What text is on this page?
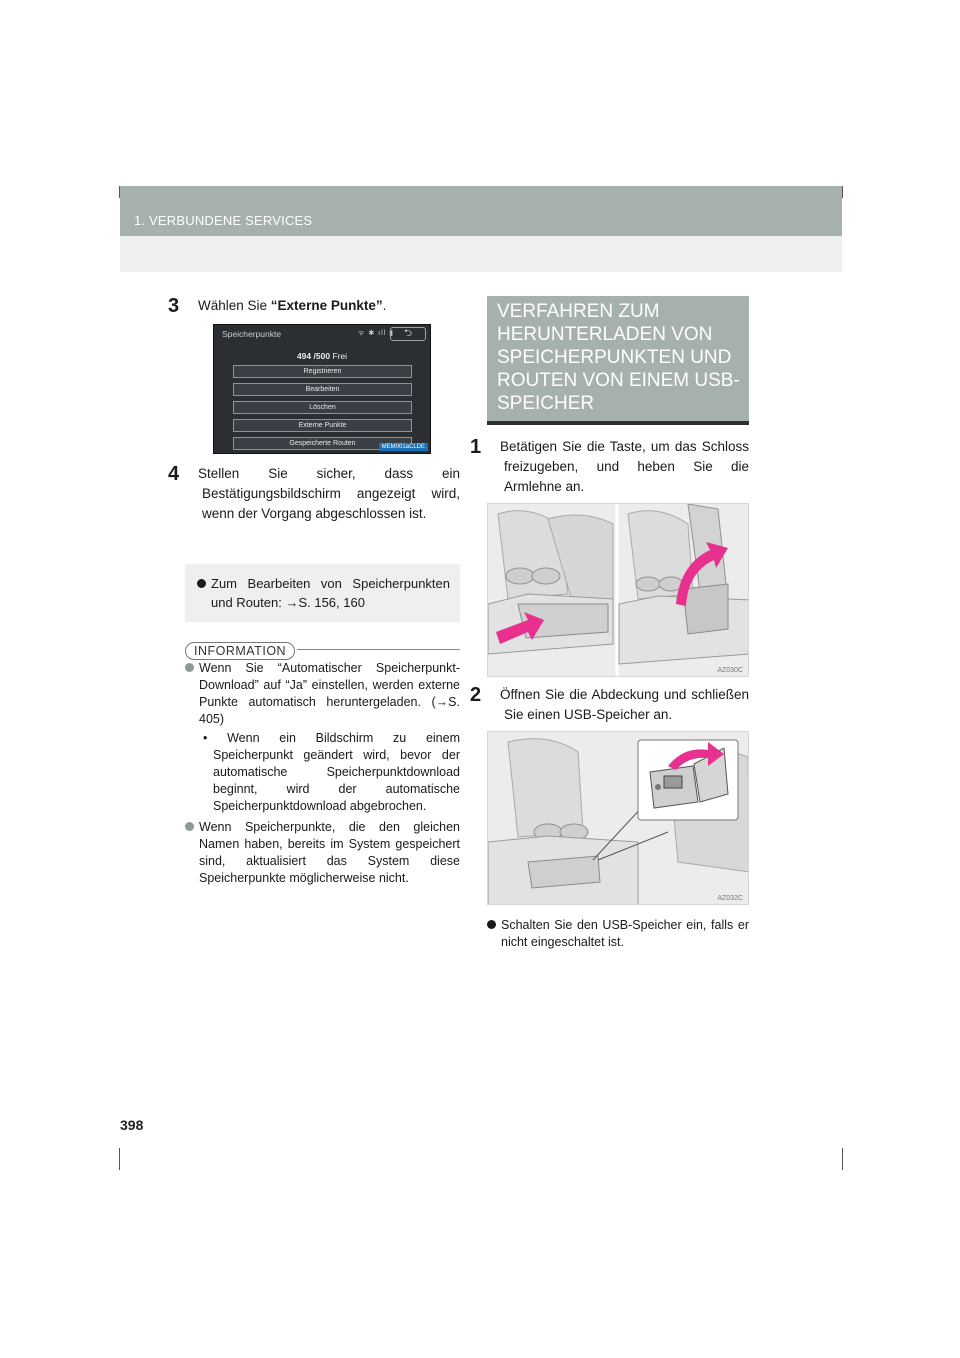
1. VERBUNDENE SERVICES
3 Wählen Sie “Externe Punkte”.
Speicherpunkte	ᯤ ✱ ıll ▮ ⮌
494 /500 Frei
Registrieren
Bearbeiten
Löschen
Externe Punkte
Gespeicherte Routen	MEM001aCLDE
4 Stellen Sie sicher, dass ein Bestätigungsbildschirm angezeigt wird, wenn der Vorgang abgeschlossen ist.
Zum Bearbeiten von Speicherpunkten und Routen: →S. 156, 160
INFORMATION
Wenn Sie “Automatischer Speicherpunkt-Download” auf “Ja” einstellen, werden externe Punkte automatisch heruntergeladen. (→S. 405)
• Wenn ein Bildschirm zu einem Speicherpunkt geändert wird, bevor der automatische Speicherpunktdownload beginnt, wird der automatische Speicherpunktdownload abgebrochen.
Wenn Speicherpunkte, die den gleichen Namen haben, bereits im System gespeichert sind, aktualisiert das System diese Speicherpunkte möglicherweise nicht.
VERFAHREN ZUM HERUNTERLADEN VON SPEICHERPUNKTEN UND ROUTEN VON EINEM USB-SPEICHER
1 Betätigen Sie die Taste, um das Schloss freizugeben, und heben Sie die Armlehne an.
AZ030C
2 Öffnen Sie die Abdeckung und schließen Sie einen USB-Speicher an.
AZ032C
Schalten Sie den USB-Speicher ein, falls er nicht eingeschaltet ist.
398
